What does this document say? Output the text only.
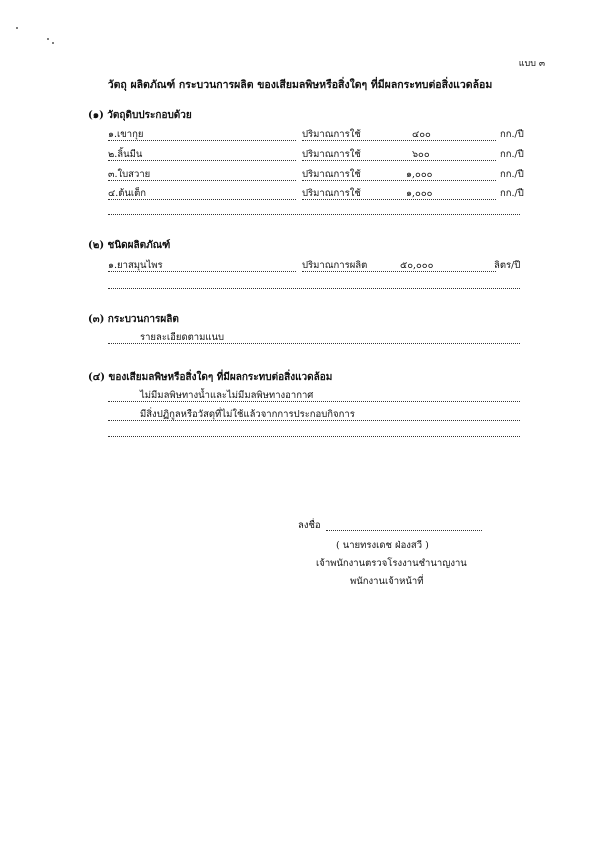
แบบ ๓
วัตถุ ผลิตภัณฑ์ กระบวนการผลิต ของเสียมลพิษหรือสิ่งใดๆ ที่มีผลกระทบต่อสิ่งแวดล้อม
(๑) วัตถุดิบประกอบด้วย
๑.เขากุย	ปริมาณการใช้	๔๐๐	กก./ปี
๒.ลิ้นมีน	ปริมาณการใช้	๖๐๐	กก./ปี
๓.ใบสวาย	ปริมาณการใช้	๑,๐๐๐	กก./ปี
๔.ต้นเต็ก	ปริมาณการใช้	๑,๐๐๐	กก./ปี
(๒) ชนิดผลิตภัณฑ์
๑.ยาสมุนไพร	ปริมาณการผลิต	๕๐,๐๐๐	ลิตร/ปี
(๓) กระบวนการผลิต
รายละเอียดตามแนบ
(๔) ของเสียมลพิษหรือสิ่งใดๆ ที่มีผลกระทบต่อสิ่งแวดล้อม
ไม่มีมลพิษทางน้ำและไม่มีมลพิษทางอากาศ
มีสิ่งปฏิกูลหรือวัสดุที่ไม่ใช้แล้วจากการประกอบกิจการ
ลงชื่อ
( นายทรงเดช ฝ่องสวี )
เจ้าพนักงานตรวจโรงงานชำนาญงาน
พนักงานเจ้าหน้าที่
